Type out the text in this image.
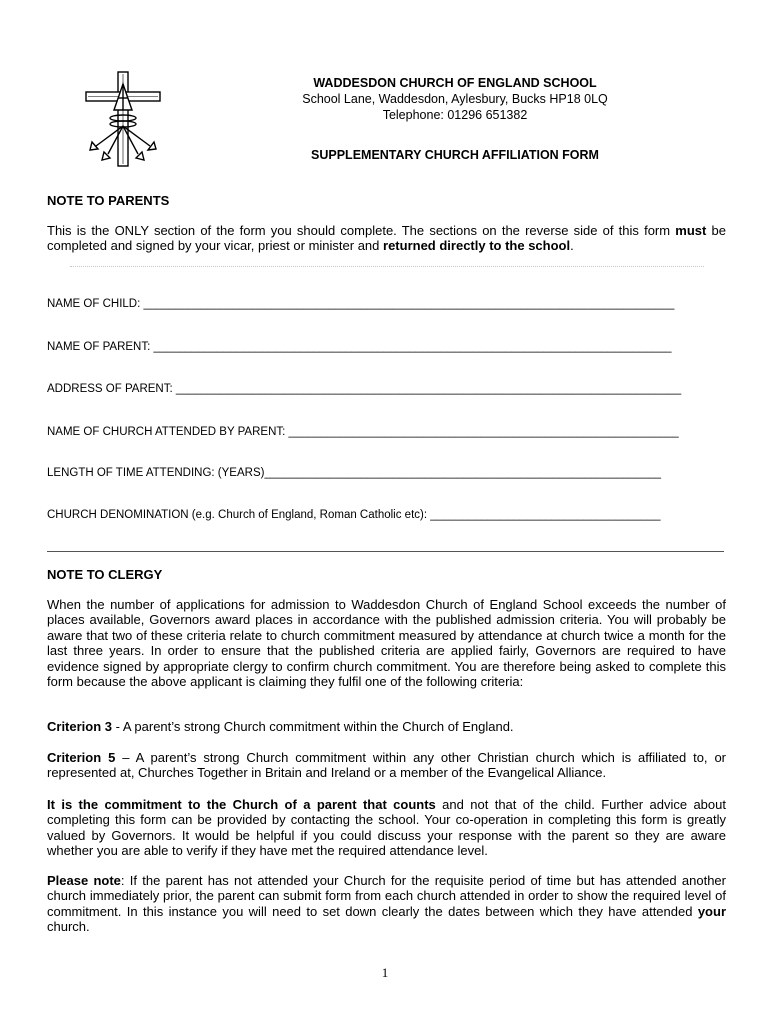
WADDESDON CHURCH OF ENGLAND SCHOOL
School Lane, Waddesdon, Aylesbury, Bucks HP18 0LQ
Telephone: 01296 651382
SUPPLEMENTARY CHURCH AFFILIATION FORM
NOTE TO PARENTS
This is the ONLY section of the form you should complete. The sections on the reverse side of this form must be completed and signed by your vicar, priest or minister and returned directly to the school.
NAME OF CHILD: ___________________________________________________________________________________
NAME OF PARENT: _________________________________________________________________________________
ADDRESS OF PARENT: _______________________________________________________________________________
NAME OF CHURCH ATTENDED BY PARENT: _____________________________________________________________
LENGTH OF TIME ATTENDING: (YEARS)______________________________________________________________
CHURCH DENOMINATION (e.g. Church of England, Roman Catholic etc): ____________________________________
NOTE TO CLERGY
When the number of applications for admission to Waddesdon Church of England School exceeds the number of places available, Governors award places in accordance with the published admission criteria. You will probably be aware that two of these criteria relate to church commitment measured by attendance at church twice a month for the last three years. In order to ensure that the published criteria are applied fairly, Governors are required to have evidence signed by appropriate clergy to confirm church commitment. You are therefore being asked to complete this form because the above applicant is claiming they fulfil one of the following criteria:
Criterion 3 - A parent’s strong Church commitment within the Church of England.
Criterion 5 – A parent’s strong Church commitment within any other Christian church which is affiliated to, or represented at, Churches Together in Britain and Ireland or a member of the Evangelical Alliance.
It is the commitment to the Church of a parent that counts and not that of the child. Further advice about completing this form can be provided by contacting the school. Your co-operation in completing this form is greatly valued by Governors. It would be helpful if you could discuss your response with the parent so they are aware whether you are able to verify if they have met the required attendance level.
Please note: If the parent has not attended your Church for the requisite period of time but has attended another church immediately prior, the parent can submit form from each church attended in order to show the required level of commitment. In this instance you will need to set down clearly the dates between which they have attended your church.
1
